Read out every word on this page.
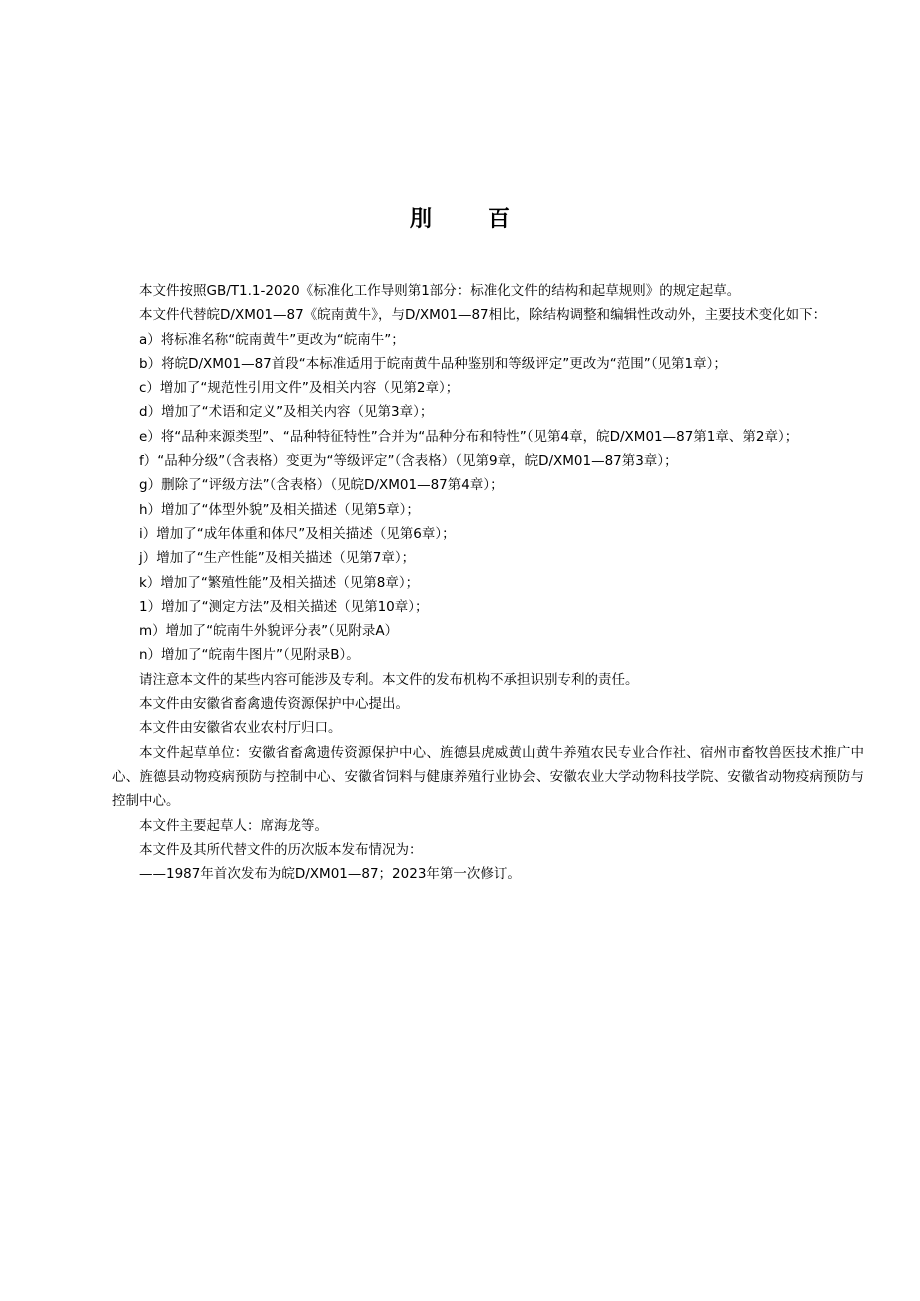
刖	百

本文件按照GB/T1.1-2020《标准化工作导则第1部分：标准化文件的结构和起草规则》的规定起草。

本文件代替皖D/XM01—87《皖南黄牛》，与D/XM01—87相比，除结构调整和编辑性改动外，主要技术变化如下：

a）将标准名称“皖南黄牛”更改为“皖南牛”；

b）将皖D/XM01—87首段“本标准适用于皖南黄牛品种鉴别和等级评定”更改为“范围”（见第1章）；

c）增加了“规范性引用文件”及相关内容（见第2章）；

d）增加了“术语和定义”及相关内容（见第3章）；

e）将“品种来源类型”、“品种特征特性”合并为“品种分布和特性”（见第4章，皖D/XM01—87第1章、第2章）；

f）“品种分级”（含表格）变更为“等级评定”（含表格）（见第9章，皖D/XM01—87第3章）；

g）删除了“评级方法”（含表格）（见皖D/XM01—87第4章）；

h）增加了“体型外貌”及相关描述（见第5章）；

i）增加了“成年体重和体尺”及相关描述（见第6章）；

j）增加了“生产性能”及相关描述（见第7章）；

k）增加了“繁殖性能”及相关描述（见第8章）；

1）增加了“测定方法”及相关描述（见第10章）；

m）增加了“皖南牛外貌评分表”（见附录A）

n）增加了“皖南牛图片”（见附录B）。

请注意本文件的某些内容可能涉及专利。本文件的发布机构不承担识别专利的责任。

本文件由安徽省畜禽遗传资源保护中心提出。

本文件由安徽省农业农村厅归口。

本文件起草单位：安徽省畜禽遗传资源保护中心、旌德县虎威黄山黄牛养殖农民专业合作社、宿州市畜牧兽医技术推广中心、旌德县动物疫病预防与控制中心、安徽省饲料与健康养殖行业协会、安徽农业大学动物科技学院、安徽省动物疫病预防与控制中心。

本文件主要起草人：席海龙等。

本文件及其所代替文件的历次版本发布情况为：

——1987年首次发布为皖D/XM01—87；2023年第一次修订。
